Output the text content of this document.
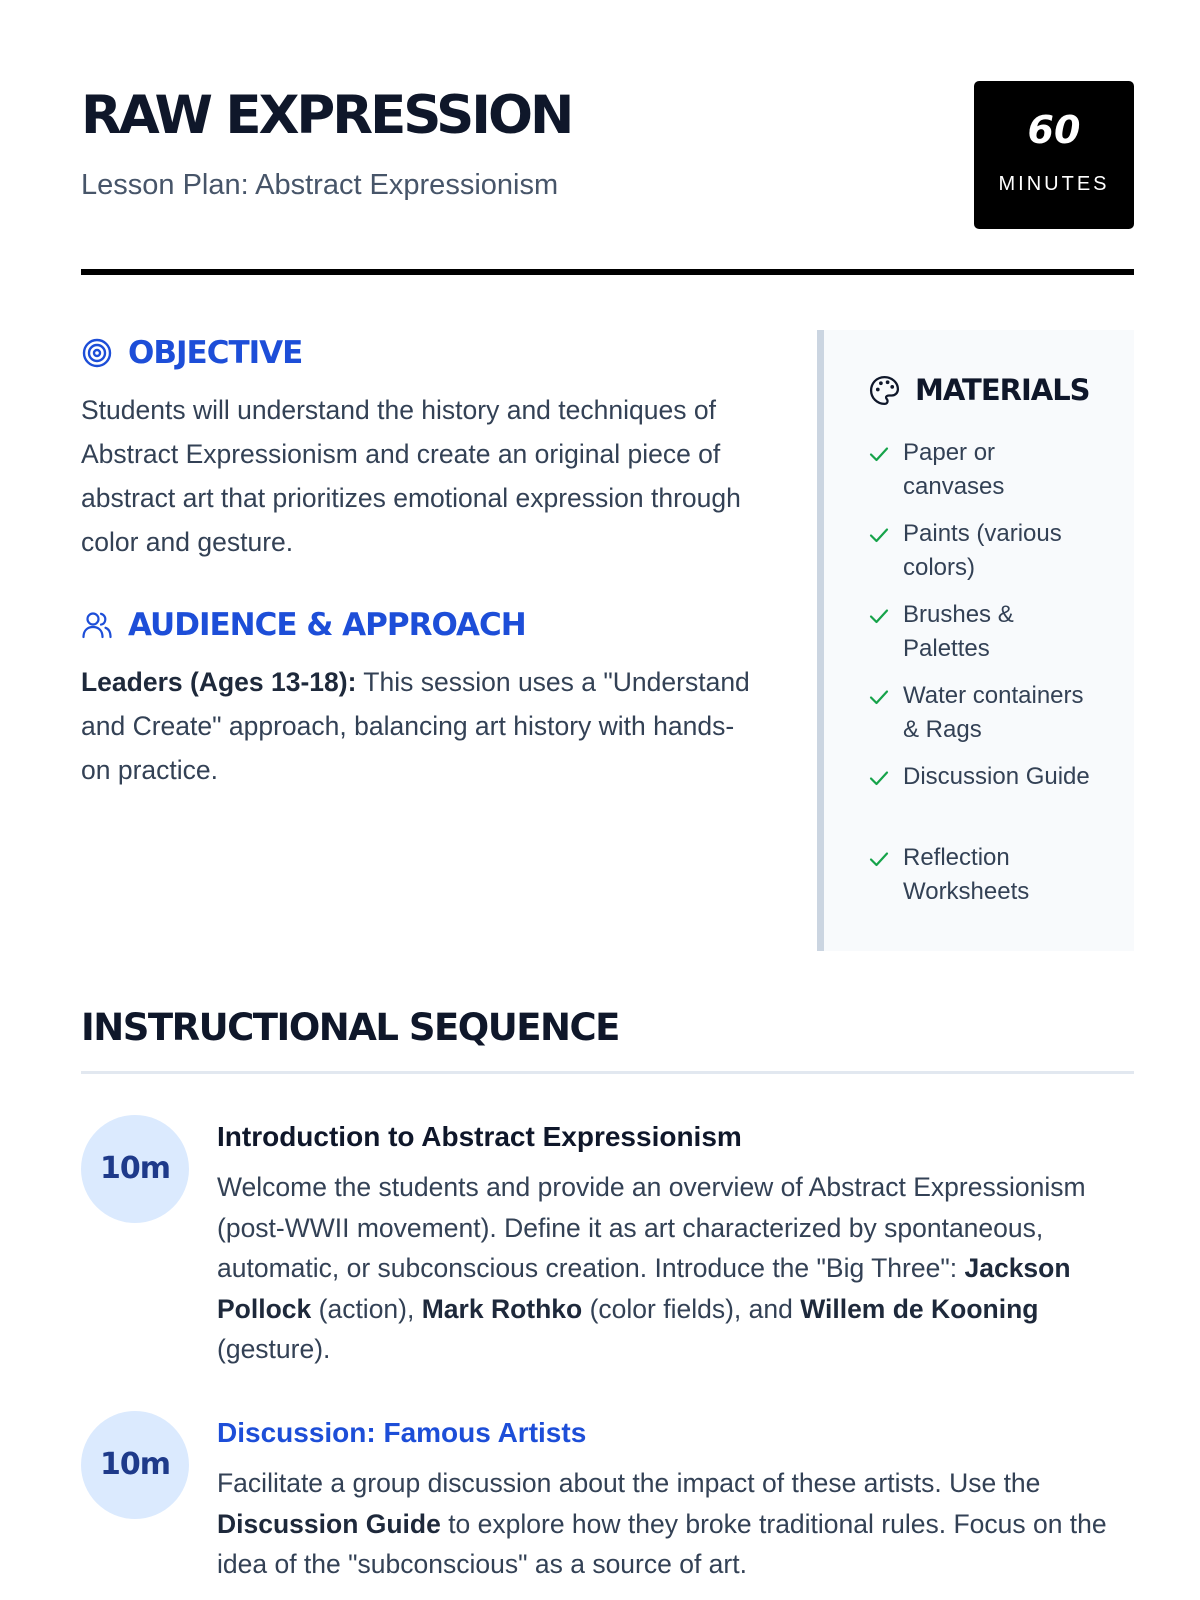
RAW EXPRESSION
Lesson Plan: Abstract Expressionism
60
MINUTES
OBJECTIVE
Students will understand the history and techniques of Abstract Expressionism and create an original piece of abstract art that prioritizes emotional expression through color and gesture.
AUDIENCE & APPROACH
Leaders (Ages 13-18): This session uses a "Understand and Create" approach, balancing art history with hands-on practice.
MATERIALS
Paper or canvases
Paints (various colors)
Brushes & Palettes
Water containers & Rags
Discussion Guide
Reflection Worksheets
INSTRUCTIONAL SEQUENCE
10m
Introduction to Abstract Expressionism
Welcome the students and provide an overview of Abstract Expressionism (post-WWII movement). Define it as art characterized by spontaneous, automatic, or subconscious creation. Introduce the "Big Three": Jackson Pollock (action), Mark Rothko (color fields), and Willem de Kooning (gesture).
10m
Discussion: Famous Artists
Facilitate a group discussion about the impact of these artists. Use the Discussion Guide to explore how they broke traditional rules. Focus on the idea of the "subconscious" as a source of art.
